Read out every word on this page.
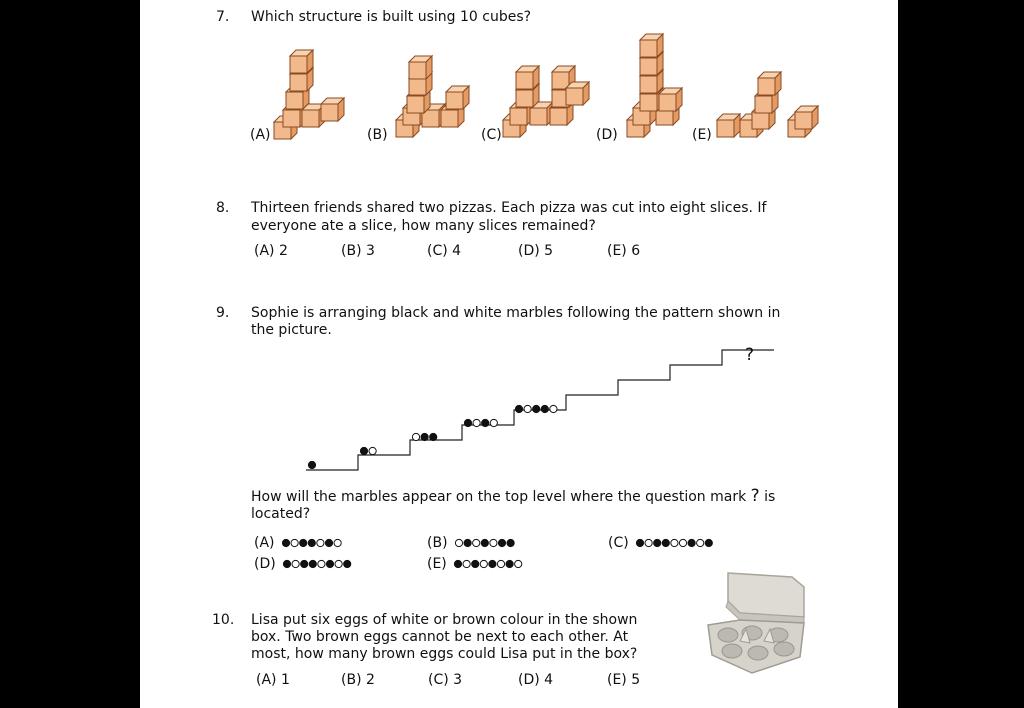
7. Which structure is built using 10 cubes?
(A)	(B)	(C)	(D)	(E)
8. Thirteen friends shared two pizzas. Each pizza was cut into eight slices. If
everyone ate a slice, how many slices remained?
(A) 2	(B) 3	(C) 4	(D) 5	(E) 6
9. Sophie is arranging black and white marbles following the pattern shown in
the picture.
?
How will the marbles appear on the top level where the question mark ? is
located?
(A)	(B)	(C)
(D)	(E)
10. Lisa put six eggs of white or brown colour in the shown
box. Two brown eggs cannot be next to each other. At
most, how many brown eggs could Lisa put in the box?
(A) 1	(B) 2	(C) 3	(D) 4	(E) 5
